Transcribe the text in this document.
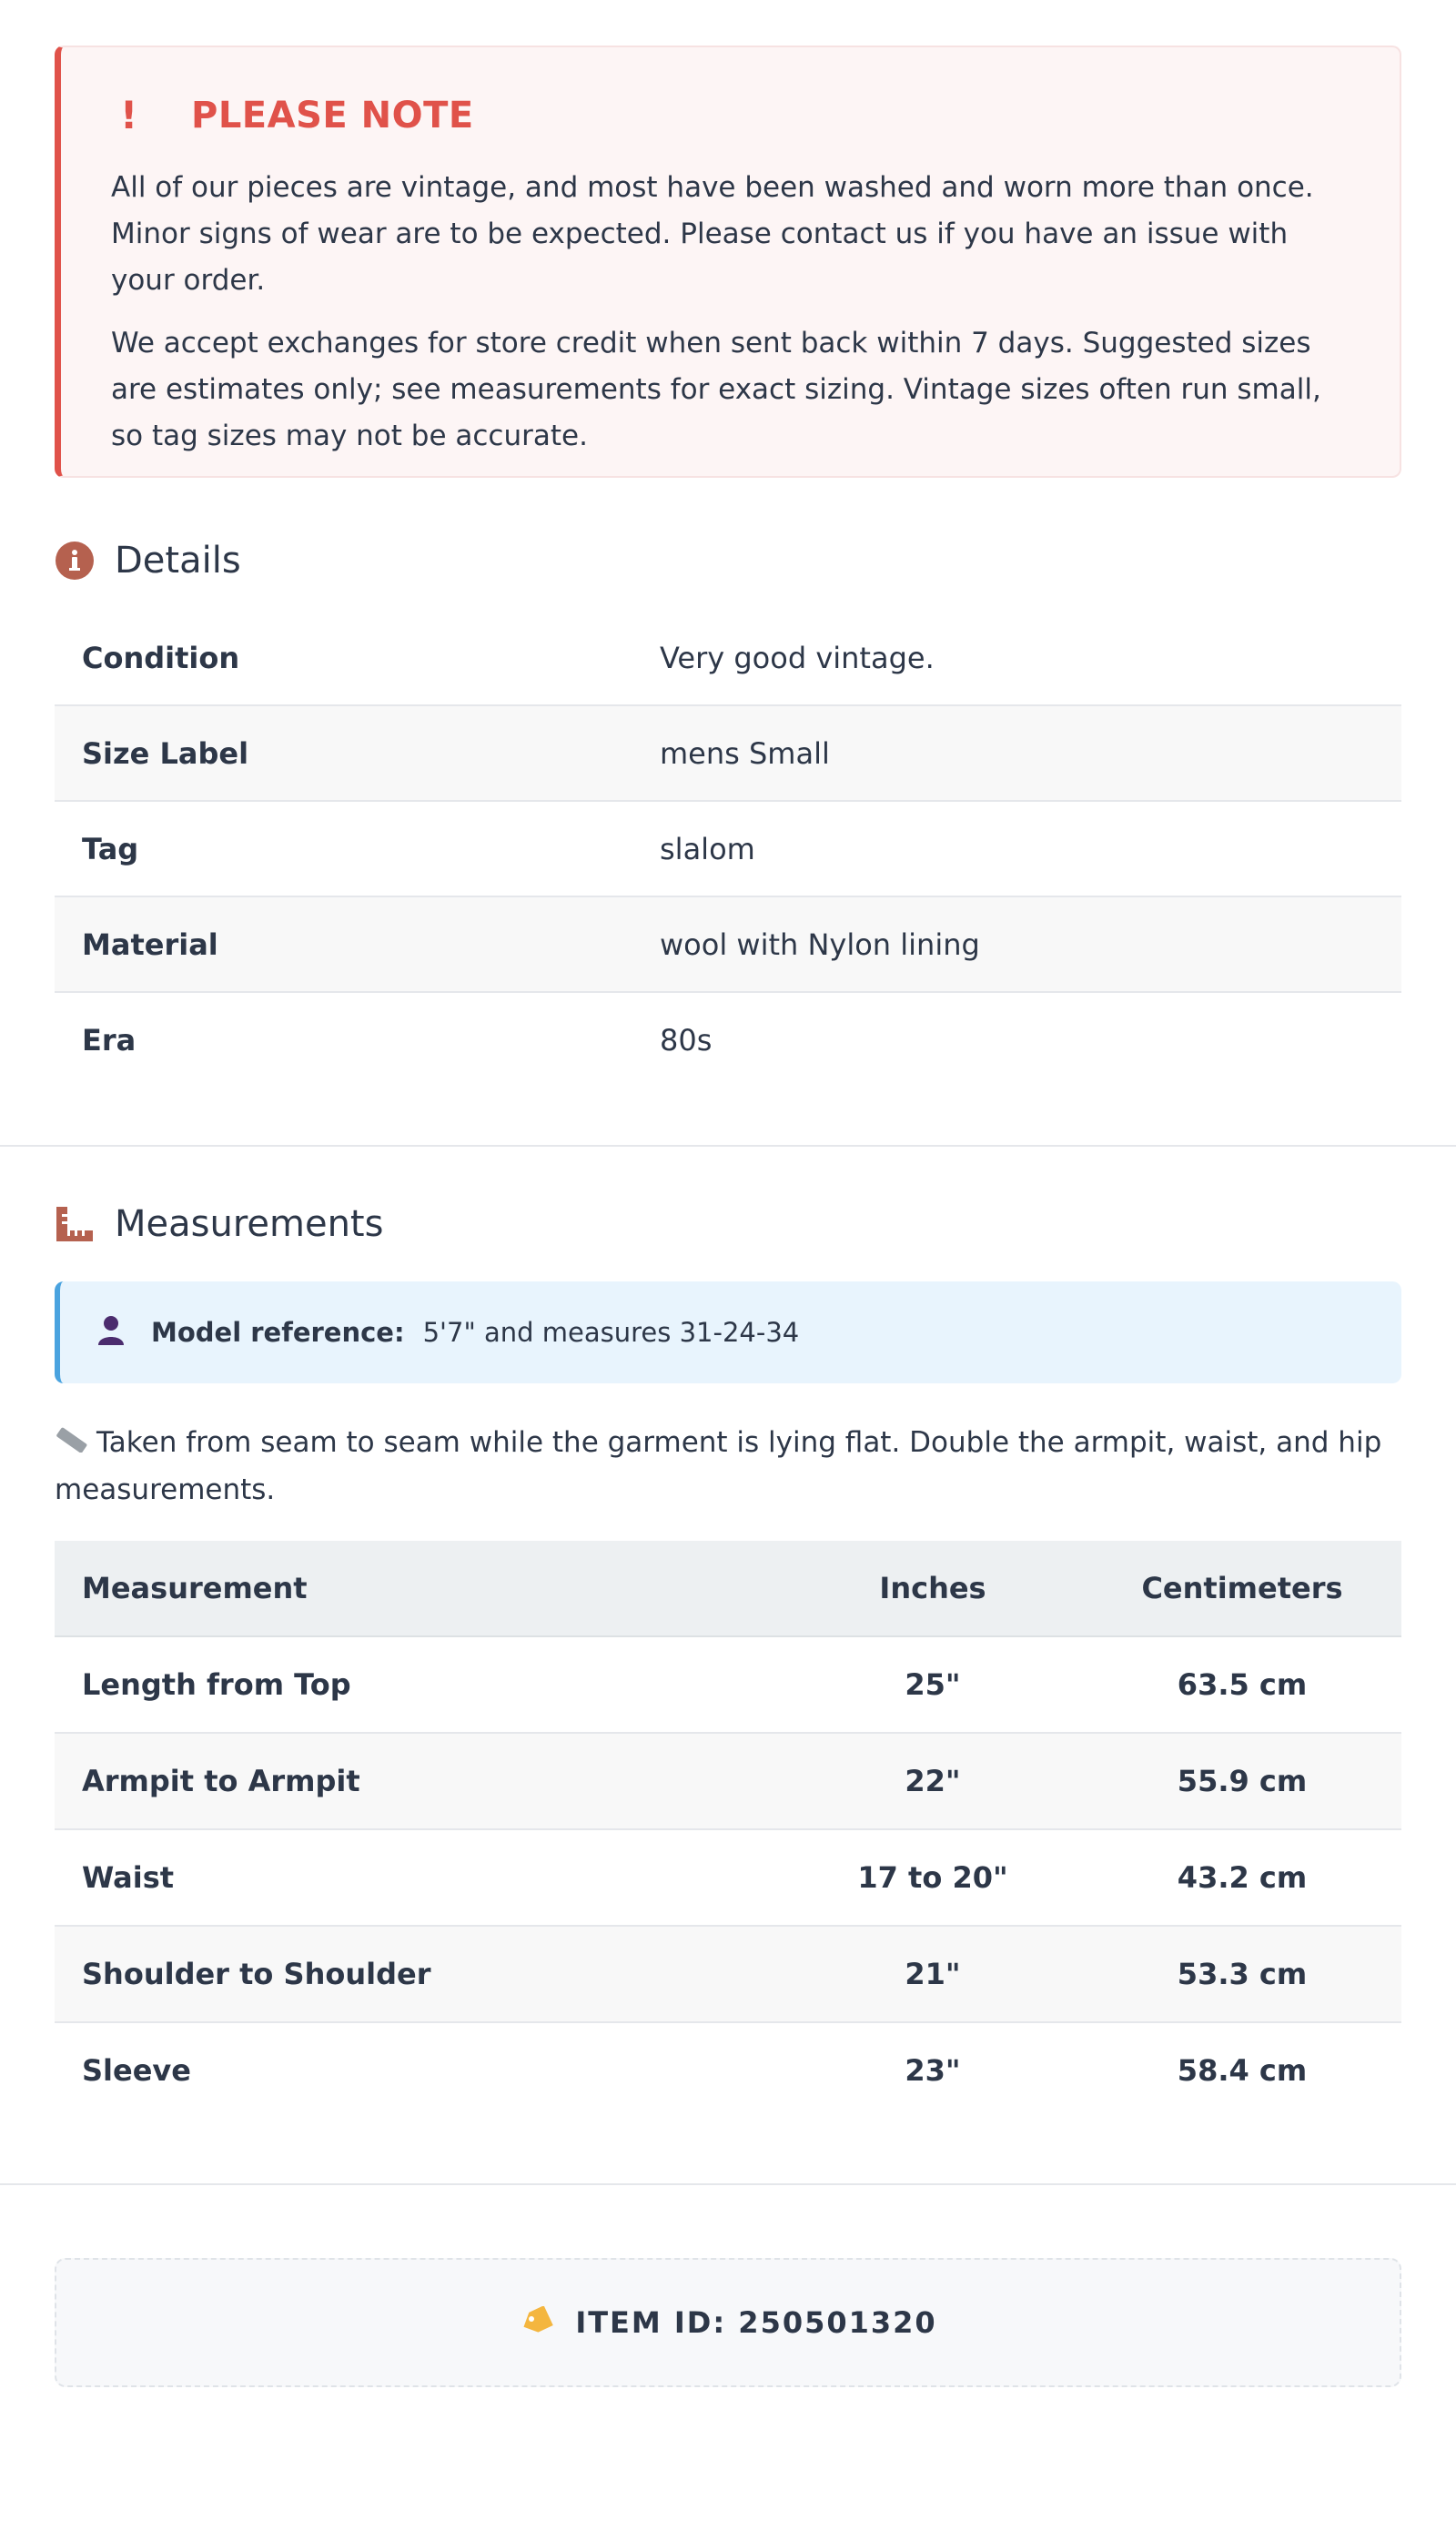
!	PLEASE NOTE

All of our pieces are vintage, and most have been washed and worn more than once. Minor signs of wear are to be expected. Please contact us if you have an issue with your order.

We accept exchanges for store credit when sent back within 7 days. Suggested sizes are estimates only; see measurements for exact sizing. Vintage sizes often run small, so tag sizes may not be accurate.

Details
Condition	Very good vintage.
Size Label	mens Small
Tag	slalom
Material	wool with Nylon lining
Era	80s
Measurements
Model reference: 5'7" and measures 31-24-34
Taken from seam to seam while the garment is lying flat. Double the armpit, waist, and hip measurements.
Measurement	Inches	Centimeters
Length from Top	25"	63.5 cm
Armpit to Armpit	22"	55.9 cm
Waist	17 to 20"	43.2 cm
Shoulder to Shoulder	21"	53.3 cm
Sleeve	23"	58.4 cm
ITEM ID: 250501320
